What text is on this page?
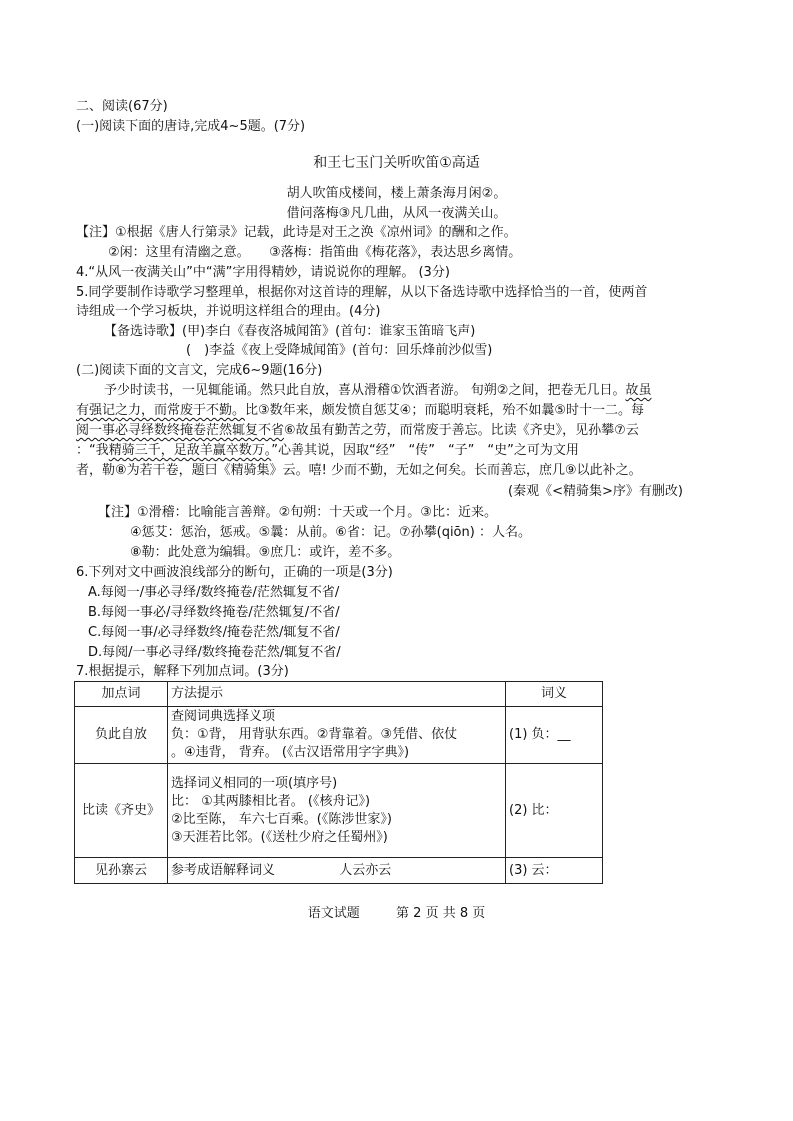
二、阅读(67分)
(一)阅读下面的唐诗,完成4~5题。(7分)
和王七玉门关听吹笛①高适
胡人吹笛戍楼间，楼上萧条海月闲②。
借问落梅③凡几曲，从风一夜满关山。
【注】①根据《唐人行第录》记载，此诗是对王之涣《凉州词》的酬和之作。
②闲：这里有清幽之意。　　③落梅：指笛曲《梅花落》，表达思乡离情。
4.“从风一夜满关山”中“满”字用得精妙，请说说你的理解。 (3分)
5.同学要制作诗歌学习整理单，根据你对这首诗的理解，从以下备选诗歌中选择恰当的一首，使两首
诗组成一个学习板块，并说明这样组合的理由。(4分)
【备选诗歌】(甲)李白《春夜洛城闻笛》(首句：谁家玉笛暗飞声)
(　)李益《夜上受降城闻笛》(首句：回乐烽前沙似雪)
(二)阅读下面的文言文，完成6~9题(16分)
予少时读书，一见辄能诵。然只此自放，喜从滑稽①饮酒者游。 旬朔②之间，把卷无几日。故虽
有强记之力，而常废于不勤。比③数年来，颇发愤自惩艾④；而聪明衰耗，殆不如曩⑤时十一二。每
阅一事必寻绎数终掩卷茫然辄复不省⑥故虽有勤苦之劳，而常废于善忘。比读《齐史》，见孙攀⑦云
：“我精骑三千，足敌羊赢卒数万。”心善其说，因取“经”　“传”　“子”　“史”之可为文用
者，勒⑧为若干卷，题曰《精骑集》云。嘻! 少而不勤，无如之何矣。长而善忘，庶几⑨以此补之。
(秦观《<精骑集>序》有删改)
【注】①滑稽：比喻能言善辩。②旬朔：十天或一个月。③比：近来。
④惩艾：惩治，惩戒。⑤曩：从前。⑥省：记。⑦孙攀(qiōn) ：人名。
⑧勒：此处意为编辑。⑨庶几：或许，差不多。
6.下列对文中画波浪线部分的断句，正确的一项是(3分)
A.每阅一/事必寻绎/数终掩卷/茫然辄复不省/
B.每阅一事必/寻绎数终掩卷/茫然辄复/不省/
C.每阅一事/必寻绎数终/掩卷茫然/辄复不省/
D.每阅/一事必寻绎/数终掩卷茫然/辄复不省/
7.根据提示，解释下列加点词。(3分)
加点词	方法提示	词义
负此自放	查阅词典选择义项
负：①背， 用背驮东西。②背靠着。③凭借、依仗
。④违背， 背弃。 (《古汉语常用字字典》)	(1) 负：__
比读《齐史》	选择词义相同的一项(填序号)
比： ①其两膝相比者。 (《核舟记》)
②比至陈， 车六七百乘。(《陈涉世家》)
③天涯若比邻。(《送杜少府之任蜀州》)	(2) 比：
见孙寨云	参考成语解释词义 人云亦云	(3) 云：
语文试题	第 2 页 共 8 页
